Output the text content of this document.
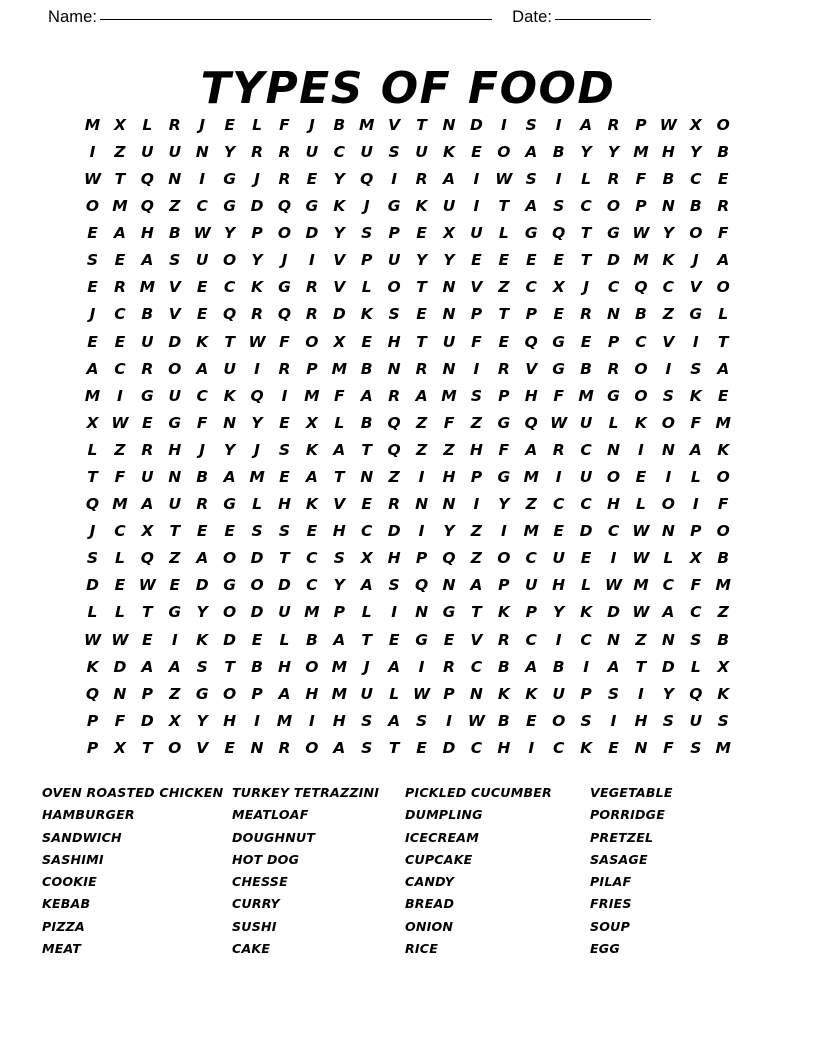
Name:	Date:
TYPES OF FOOD
M X	L	R	J	E	L	F	J	B M V	T	N D	I	S	I	A R	P W X O
I	Z	U U N Y	R R U C U	S	U K	E	O A	B	Y	Y M H Y	B
W T	Q N	I	G	J	R	E	Y Q	I	R A	I	W S	I	L	R	F	B	C	E
O M Q Z	C G D Q G K	J	G K U	I	T	A	S	C O P N B	R
E	A H B W Y	P O D Y	S	P	E	X U	L	G Q	T	G W Y O	F
S	E	A	S	U O Y	J	I	V	P U	Y	Y	E	E	E	E	T	D M K	J	A
E	R M V	E	C	K G R V	L	O	T	N V	Z	C	X	J	C Q C	V O
J	C	B	V	E	Q R Q R D K	S	E	N P	T	P	E	R N B	Z G	L
E	E	U D K	T W F	O X	E	H	T	U	F	E	Q G	E	P	C	V	I	T
A	C	R O A U	I	R	P M B N R N	I	R V G B	R O	I	S	A
M	I	G U C	K Q	I	M F	A R A M S	P H	F M G O S	K	E
X W E	G	F	N Y	E	X	L	B Q Z	F	Z G Q W U	L	K O	F M
L	Z	R H	J	Y	J	S	K A	T	Q Z	Z H	F	A R	C N	I	N A K
T	F	U N B	A M E	A	T	N Z	I	H P G M	I	U O	E	I	L	O
Q M A U R G	L	H K V	E	R N N	I	Y	Z	C	C H	L	O	I	F
J	C	X	T	E	E	S	S	E	H C D	I	Y	Z	I	M E	D C W N P O
S	L	Q Z	A O D	T	C	S	X H P Q Z O C U	E	I	W L	X	B
D	E W E	D G O D C	Y	A	S Q N A	P U H	L W M C	F M
L	L	T	G Y O D U M P	L	I	N G	T	K	P	Y	K D W A	C	Z
W W E	I	K D	E	L	B	A	T	E	G	E	V R	C	I	C N Z N S	B
K D A A	S	T	B H O M	J	A	I	R	C	B	A	B	I	A	T	D	L	X
Q N P	Z G O P	A H M U	L W P N K K U P	S	I	Y Q K
P	F	D X	Y H	I	M	I	H S	A	S	I	W B	E	O S	I	H S	U	S
P	X	T	O V	E	N R O A	S	T	E	D C H	I	C	K	E	N	F	S M
OVEN ROASTED CHICKEN
HAMBURGER
SANDWICH
SASHIMI
COOKIE
KEBAB
PIZZA
MEAT
TURKEY TETRAZZINI
MEATLOAF
DOUGHNUT
HOT DOG
CHESSE
CURRY
SUSHI
CAKE
PICKLED CUCUMBER
DUMPLING
ICECREAM
CUPCAKE
CANDY
BREAD
ONION
RICE
VEGETABLE
PORRIDGE
PRETZEL
SASAGE
PILAF
FRIES
SOUP
EGG
